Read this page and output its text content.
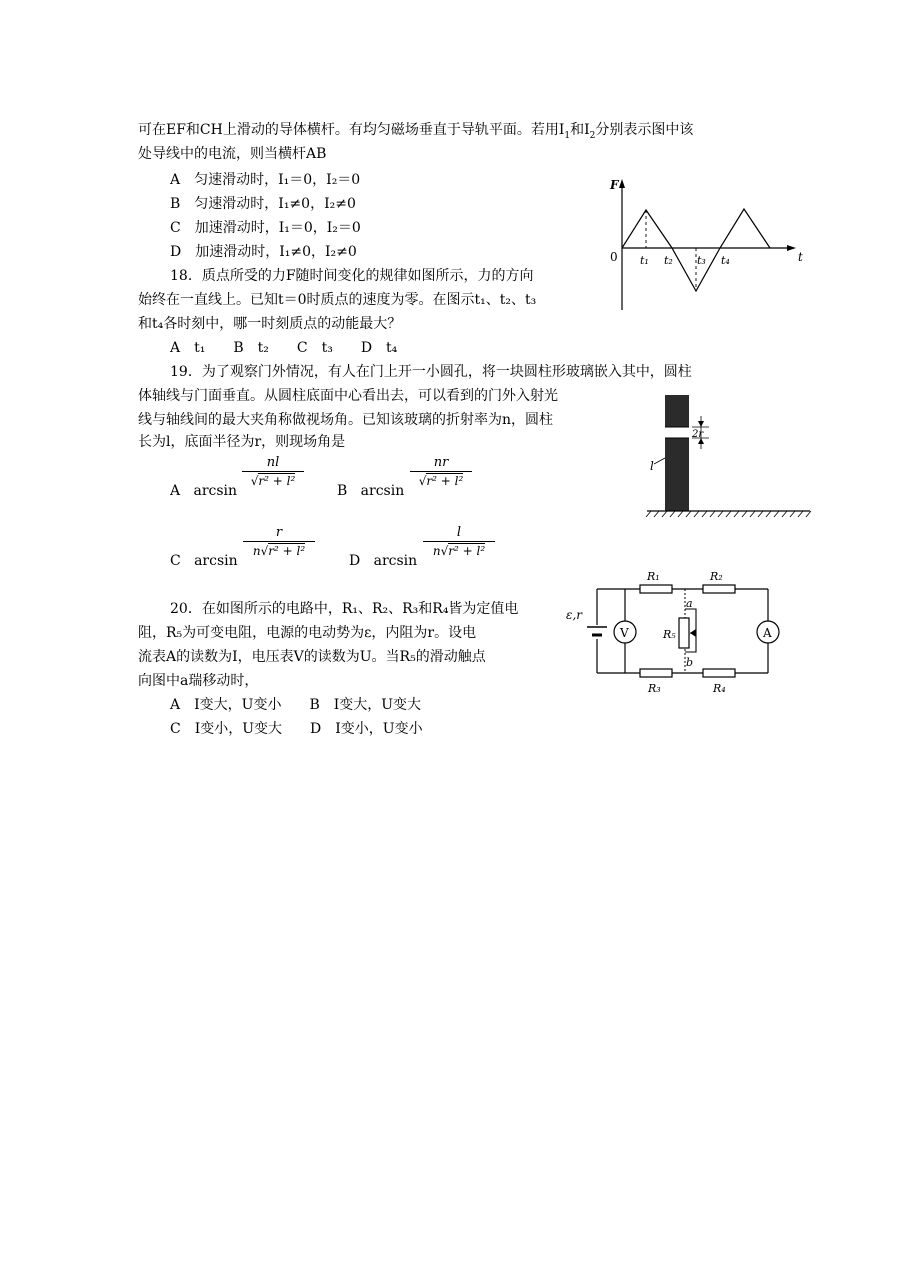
可在EF和CH上滑动的导体横杆。有均匀磁场垂直于导轨平面。若用$I_1$和$I_2$分别表示图中该
处导线中的电流，则当横杆AB
A　匀速滑动时，I₁＝0，I₂＝0
B　匀速滑动时，I₁≠0，I₂≠0
C　加速滑动时，I₁＝0，I₂＝0
D　加速滑动时，I₁≠0，I₂≠0
18．质点所受的力F随时间变化的规律如图所示，力的方向
始终在一直线上。已知t＝0时质点的速度为零。在图示t₁、t₂、t₃
和t₄各时刻中，哪一时刻质点的动能最大？
A　t₁　　B　t₂　　C　t₃　　D　t₄
F
t
0 t₁ t₂ t₃ t₄
19．为了观察门外情况，有人在门上开一小圆孔，将一块圆柱形玻璃嵌入其中，圆柱
体轴线与门面垂直。从圆柱底面中心看出去，可以看到的门外入射光
线与轴线间的最大夹角称做视场角。已知该玻璃的折射率为n，圆柱
长为l，底面半径为r，则现场角是
A arcsin
nl
√r² + l²
B arcsin
nr
√r² + l²
C arcsin
r
n√r² + l²
D arcsin
l
n√r² + l²
2r
l
20．在如图所示的电路中，R₁、R₂、R₃和R₄皆为定值电
阻，R₅为可变电阻，电源的电动势为ε，内阻为r。设电
流表A的读数为I，电压表V的读数为U。当R₅的滑动触点
向图中a瑞移动时，
A　I变大，U变小　　B　I变大，U变大
C　I变小，U变大　　D　I变小，U变小
ε,r
V	A
R₁	R₂
R₃	R₄
R₅
a
b
